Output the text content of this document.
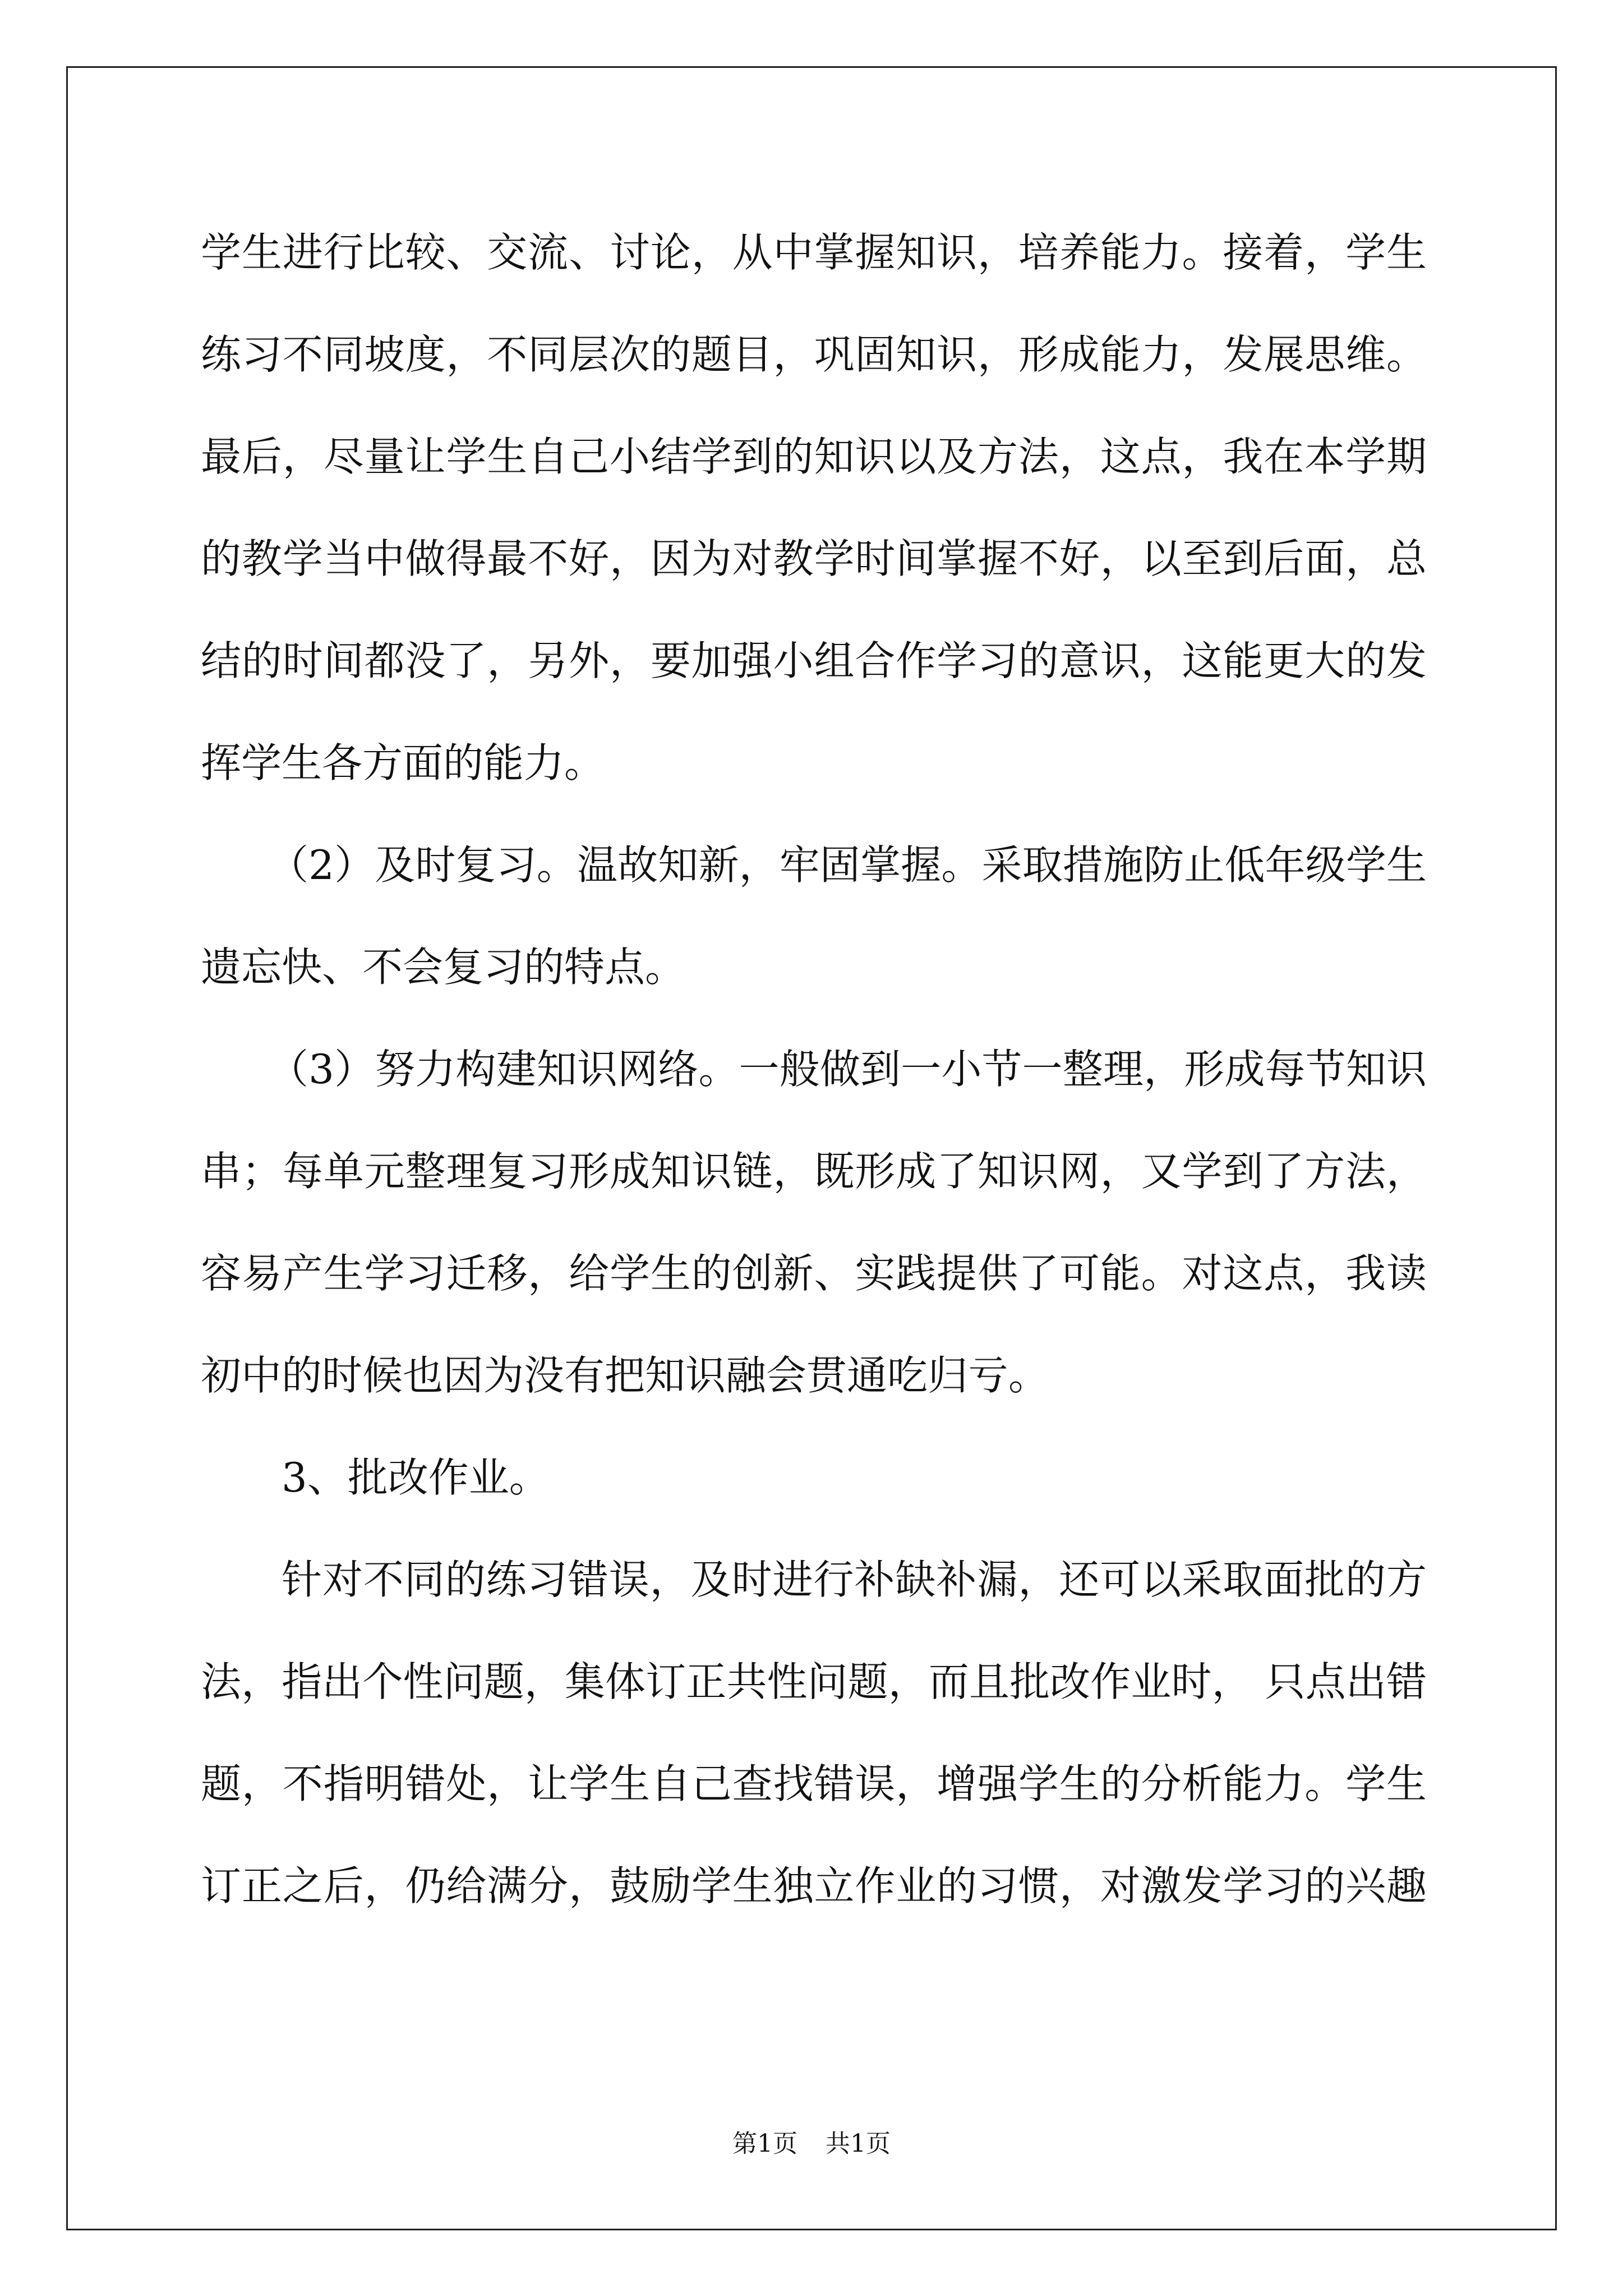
学生进行比较、交流、讨论，从中掌握知识，培养能力。接着，学生
练习不同坡度，不同层次的题目，巩固知识，形成能力，发展思维。
最后，尽量让学生自己小结学到的知识以及方法，这点，我在本学期
的教学当中做得最不好，因为对教学时间掌握不好，以至到后面，总
结的时间都没了，另外，要加强小组合作学习的意识，这能更大的发
挥学生各方面的能力。
（2）及时复习。温故知新，牢固掌握。采取措施防止低年级学生
遗忘快、不会复习的特点。
（3）努力构建知识网络。一般做到一小节一整理，形成每节知识
串；每单元整理复习形成知识链，既形成了知识网，又学到了方法，
容易产生学习迁移，给学生的创新、实践提供了可能。对这点，我读
初中的时候也因为没有把知识融会贯通吃归亏。
3、批改作业。
针对不同的练习错误，及时进行补缺补漏，还可以采取面批的方
法，指出个性问题，集体订正共性问题，而且批改作业时， 只点出错
题，不指明错处，让学生自己查找错误，增强学生的分析能力。学生
订正之后，仍给满分，鼓励学生独立作业的习惯，对激发学习的兴趣
第1页 共1页
